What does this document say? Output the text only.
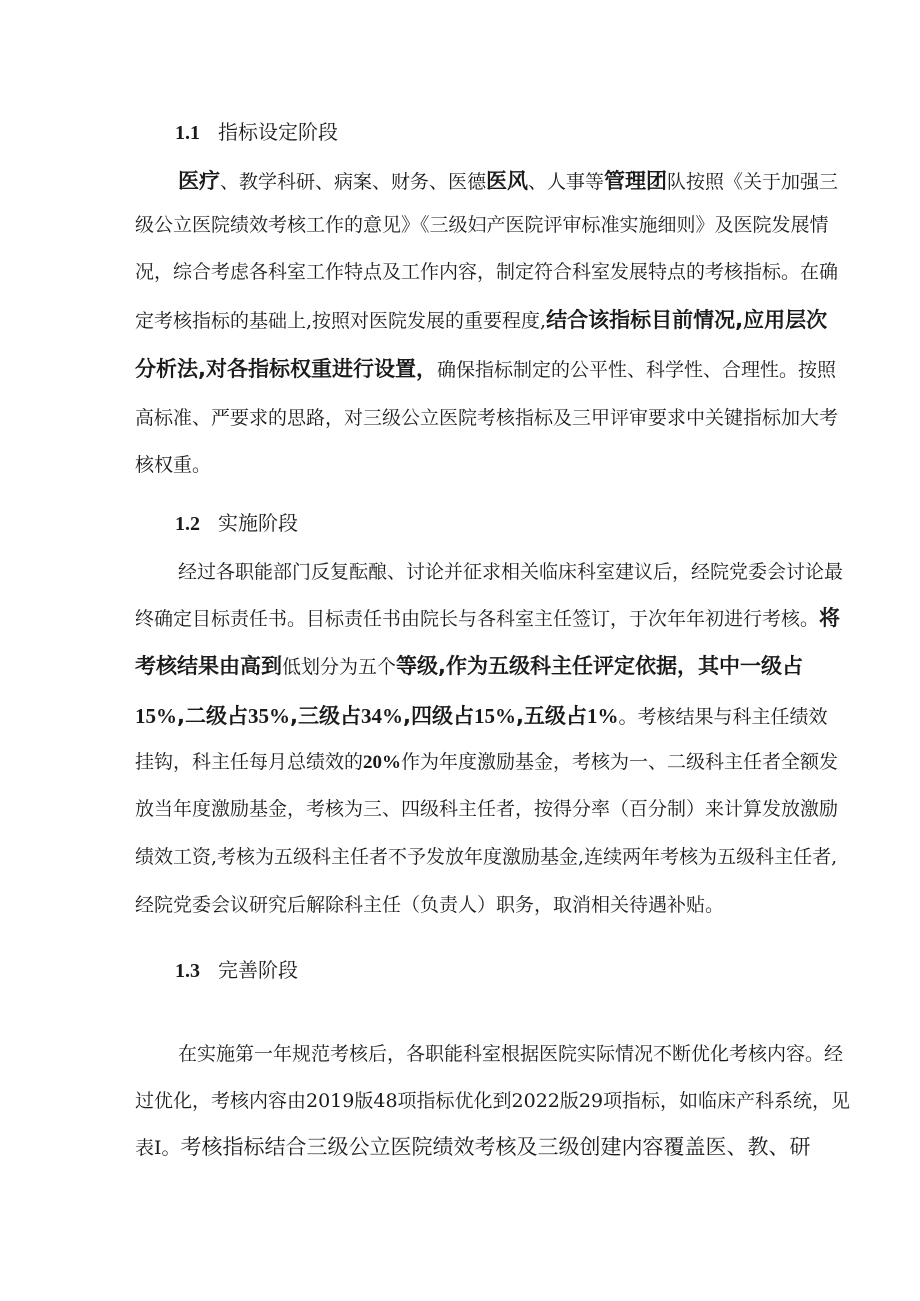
1.1 指标设定阶段
医疗、教学科研、病案、财务、医德医风、人事等管理团队按照《关于加强三
级公立医院绩效考核工作的意见》《三级妇产医院评审标准实施细则》及医院发展情
况，综合考虑各科室工作特点及工作内容，制定符合科室发展特点的考核指标。在确
定考核指标的基础上,按照对医院发展的重要程度,结合该指标目前情况,应用层次
分析法,对各指标权重进行设置，确保指标制定的公平性、科学性、合理性。按照
高标准、严要求的思路，对三级公立医院考核指标及三甲评审要求中关键指标加大考
核权重。
1.2 实施阶段
经过各职能部门反复酝酿、讨论并征求相关临床科室建议后，经院党委会讨论最
终确定目标责任书。目标责任书由院长与各科室主任签订，于次年年初进行考核。将
考核结果由高到低划分为五个等级,作为五级科主任评定依据，其中一级占
15%,二级占35%,三级占34%,四级占15%,五级占1%。考核结果与科主任绩效
挂钩，科主任每月总绩效的20%作为年度激励基金，考核为一、二级科主任者全额发
放当年度激励基金，考核为三、四级科主任者，按得分率（百分制）来计算发放激励
绩效工资,考核为五级科主任者不予发放年度激励基金,连续两年考核为五级科主任者,
经院党委会议研究后解除科主任（负责人）职务，取消相关待遇补贴。
1.3 完善阶段
在实施第一年规范考核后，各职能科室根据医院实际情况不断优化考核内容。经
过优化，考核内容由2019版48项指标优化到2022版29项指标，如临床产科系统，见
表I。考核指标结合三级公立医院绩效考核及三级创建内容覆盖医、教、研
